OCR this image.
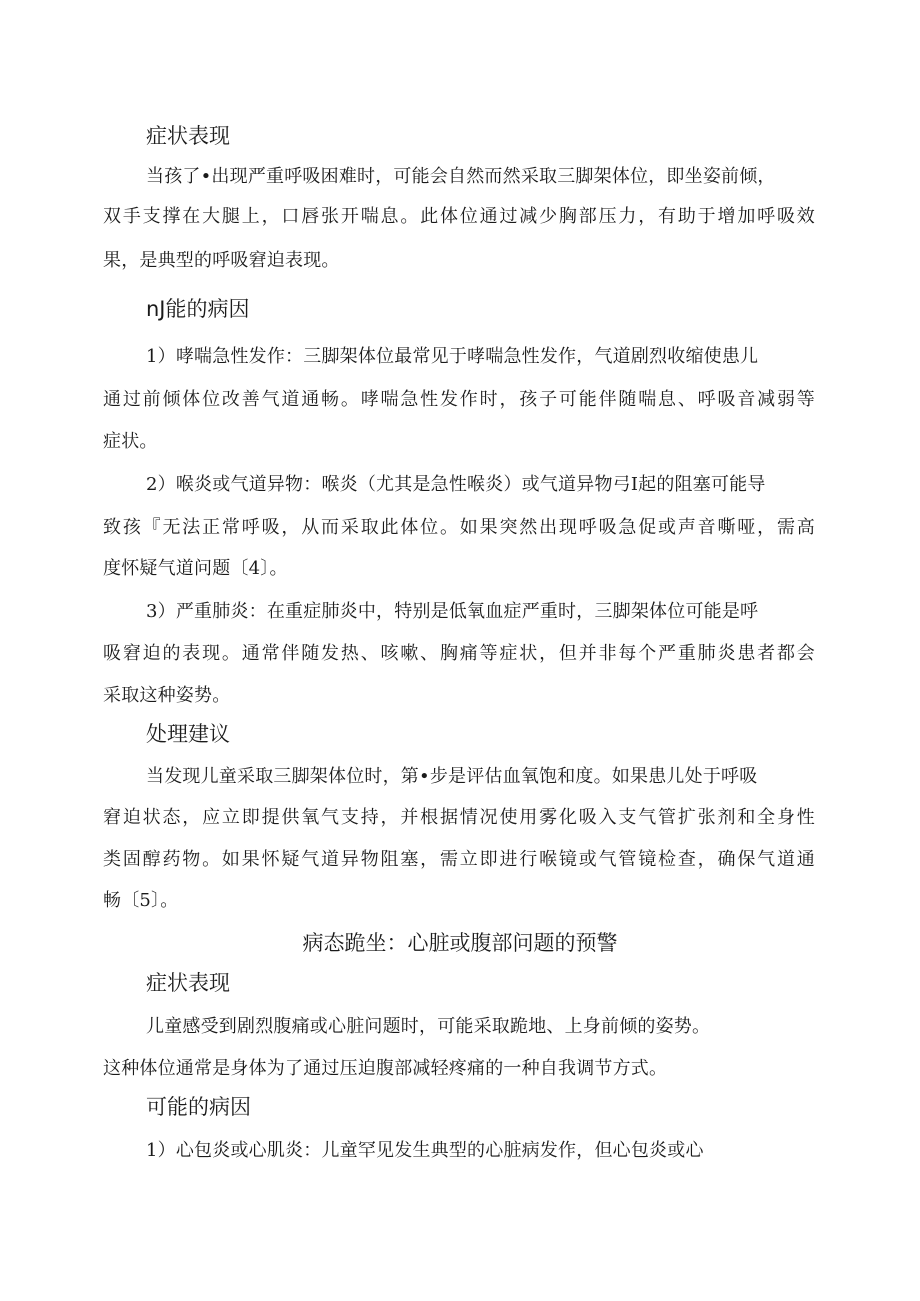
症状表现
当孩了•出现严重呼吸困难时，可能会自然而然采取三脚架体位，即坐姿前倾，
双手支撑在大腿上，口唇张开喘息。此体位通过减少胸部压力，有助于增加呼吸效
果，是典型的呼吸窘迫表现。
nJ能的病因
1）哮喘急性发作：三脚架体位最常见于哮喘急性发作，气道剧烈收缩使患儿
通过前倾体位改善气道通畅。哮喘急性发作时，孩子可能伴随喘息、呼吸音减弱等
症状。
2）喉炎或气道异物：喉炎（尤其是急性喉炎）或气道异物弓I起的阻塞可能导
致孩『无法正常呼吸，从而采取此体位。如果突然出现呼吸急促或声音嘶哑，需高
度怀疑气道问题〔4〕。
3）严重肺炎：在重症肺炎中，特别是低氧血症严重时，三脚架体位可能是呼
吸窘迫的表现。通常伴随发热、咳嗽、胸痛等症状，但并非每个严重肺炎患者都会
采取这种姿势。
处理建议
当发现儿童采取三脚架体位时，第•步是评估血氧饱和度。如果患儿处于呼吸
窘迫状态，应立即提供氧气支持，并根据情况使用雾化吸入支气管扩张剂和全身性
类固醇药物。如果怀疑气道异物阻塞，需立即进行喉镜或气管镜检查，确保气道通
畅〔5〕。
病态跪坐：心脏或腹部问题的预警
症状表现
儿童感受到剧烈腹痛或心脏问题时，可能采取跪地、上身前倾的姿势。
这种体位通常是身体为了通过压迫腹部减轻疼痛的一种自我调节方式。
可能的病因
1）心包炎或心肌炎：儿童罕见发生典型的心脏病发作，但心包炎或心
